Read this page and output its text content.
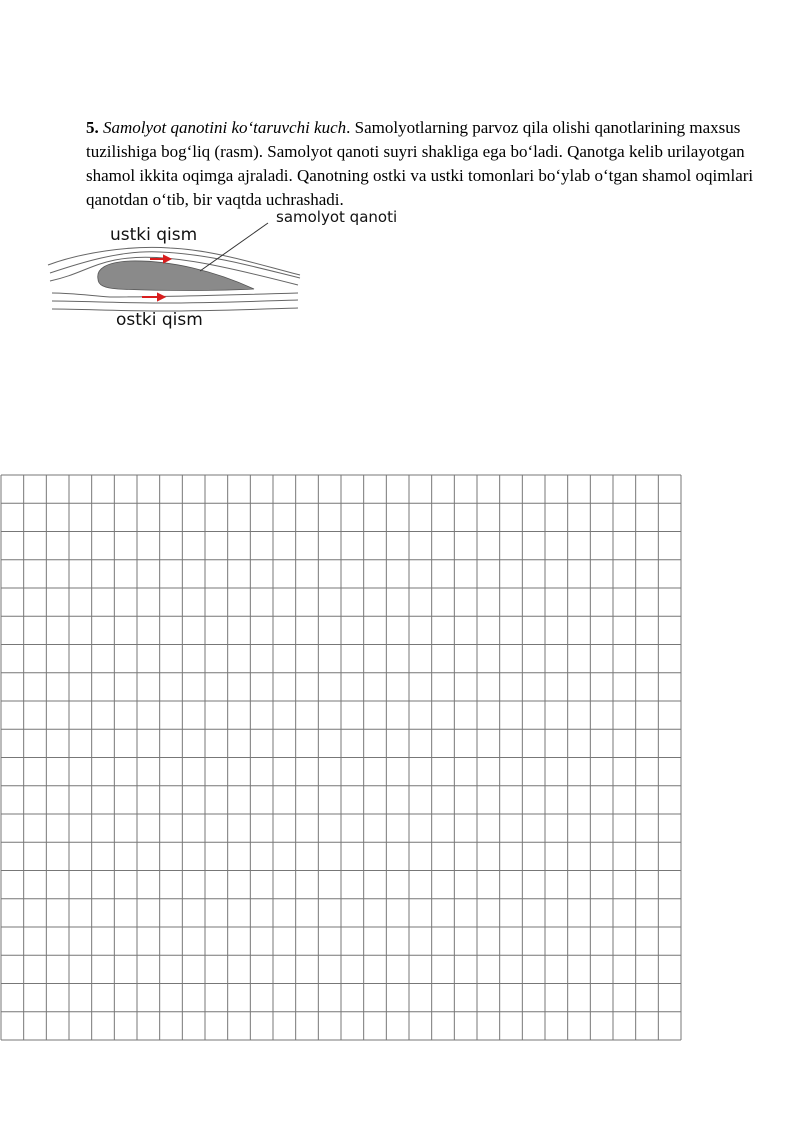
5. Samolyot qanotini ko‘taruvchi kuch. Samolyotlarning parvoz qila olishi qanotlarining maxsus tuzilishiga bog‘liq (rasm). Samolyot qanoti suyri shakliga ega bo‘ladi. Qanotga kelib urilayotgan shamol ikkita oqimga ajraladi. Qanotning ostki va ustki tomonlari bo‘ylab o‘tgan shamol oqimlari qanotdan o‘tib, bir vaqtda uchrashadi.

samolyot qanoti
ustki qism
ostki qism
